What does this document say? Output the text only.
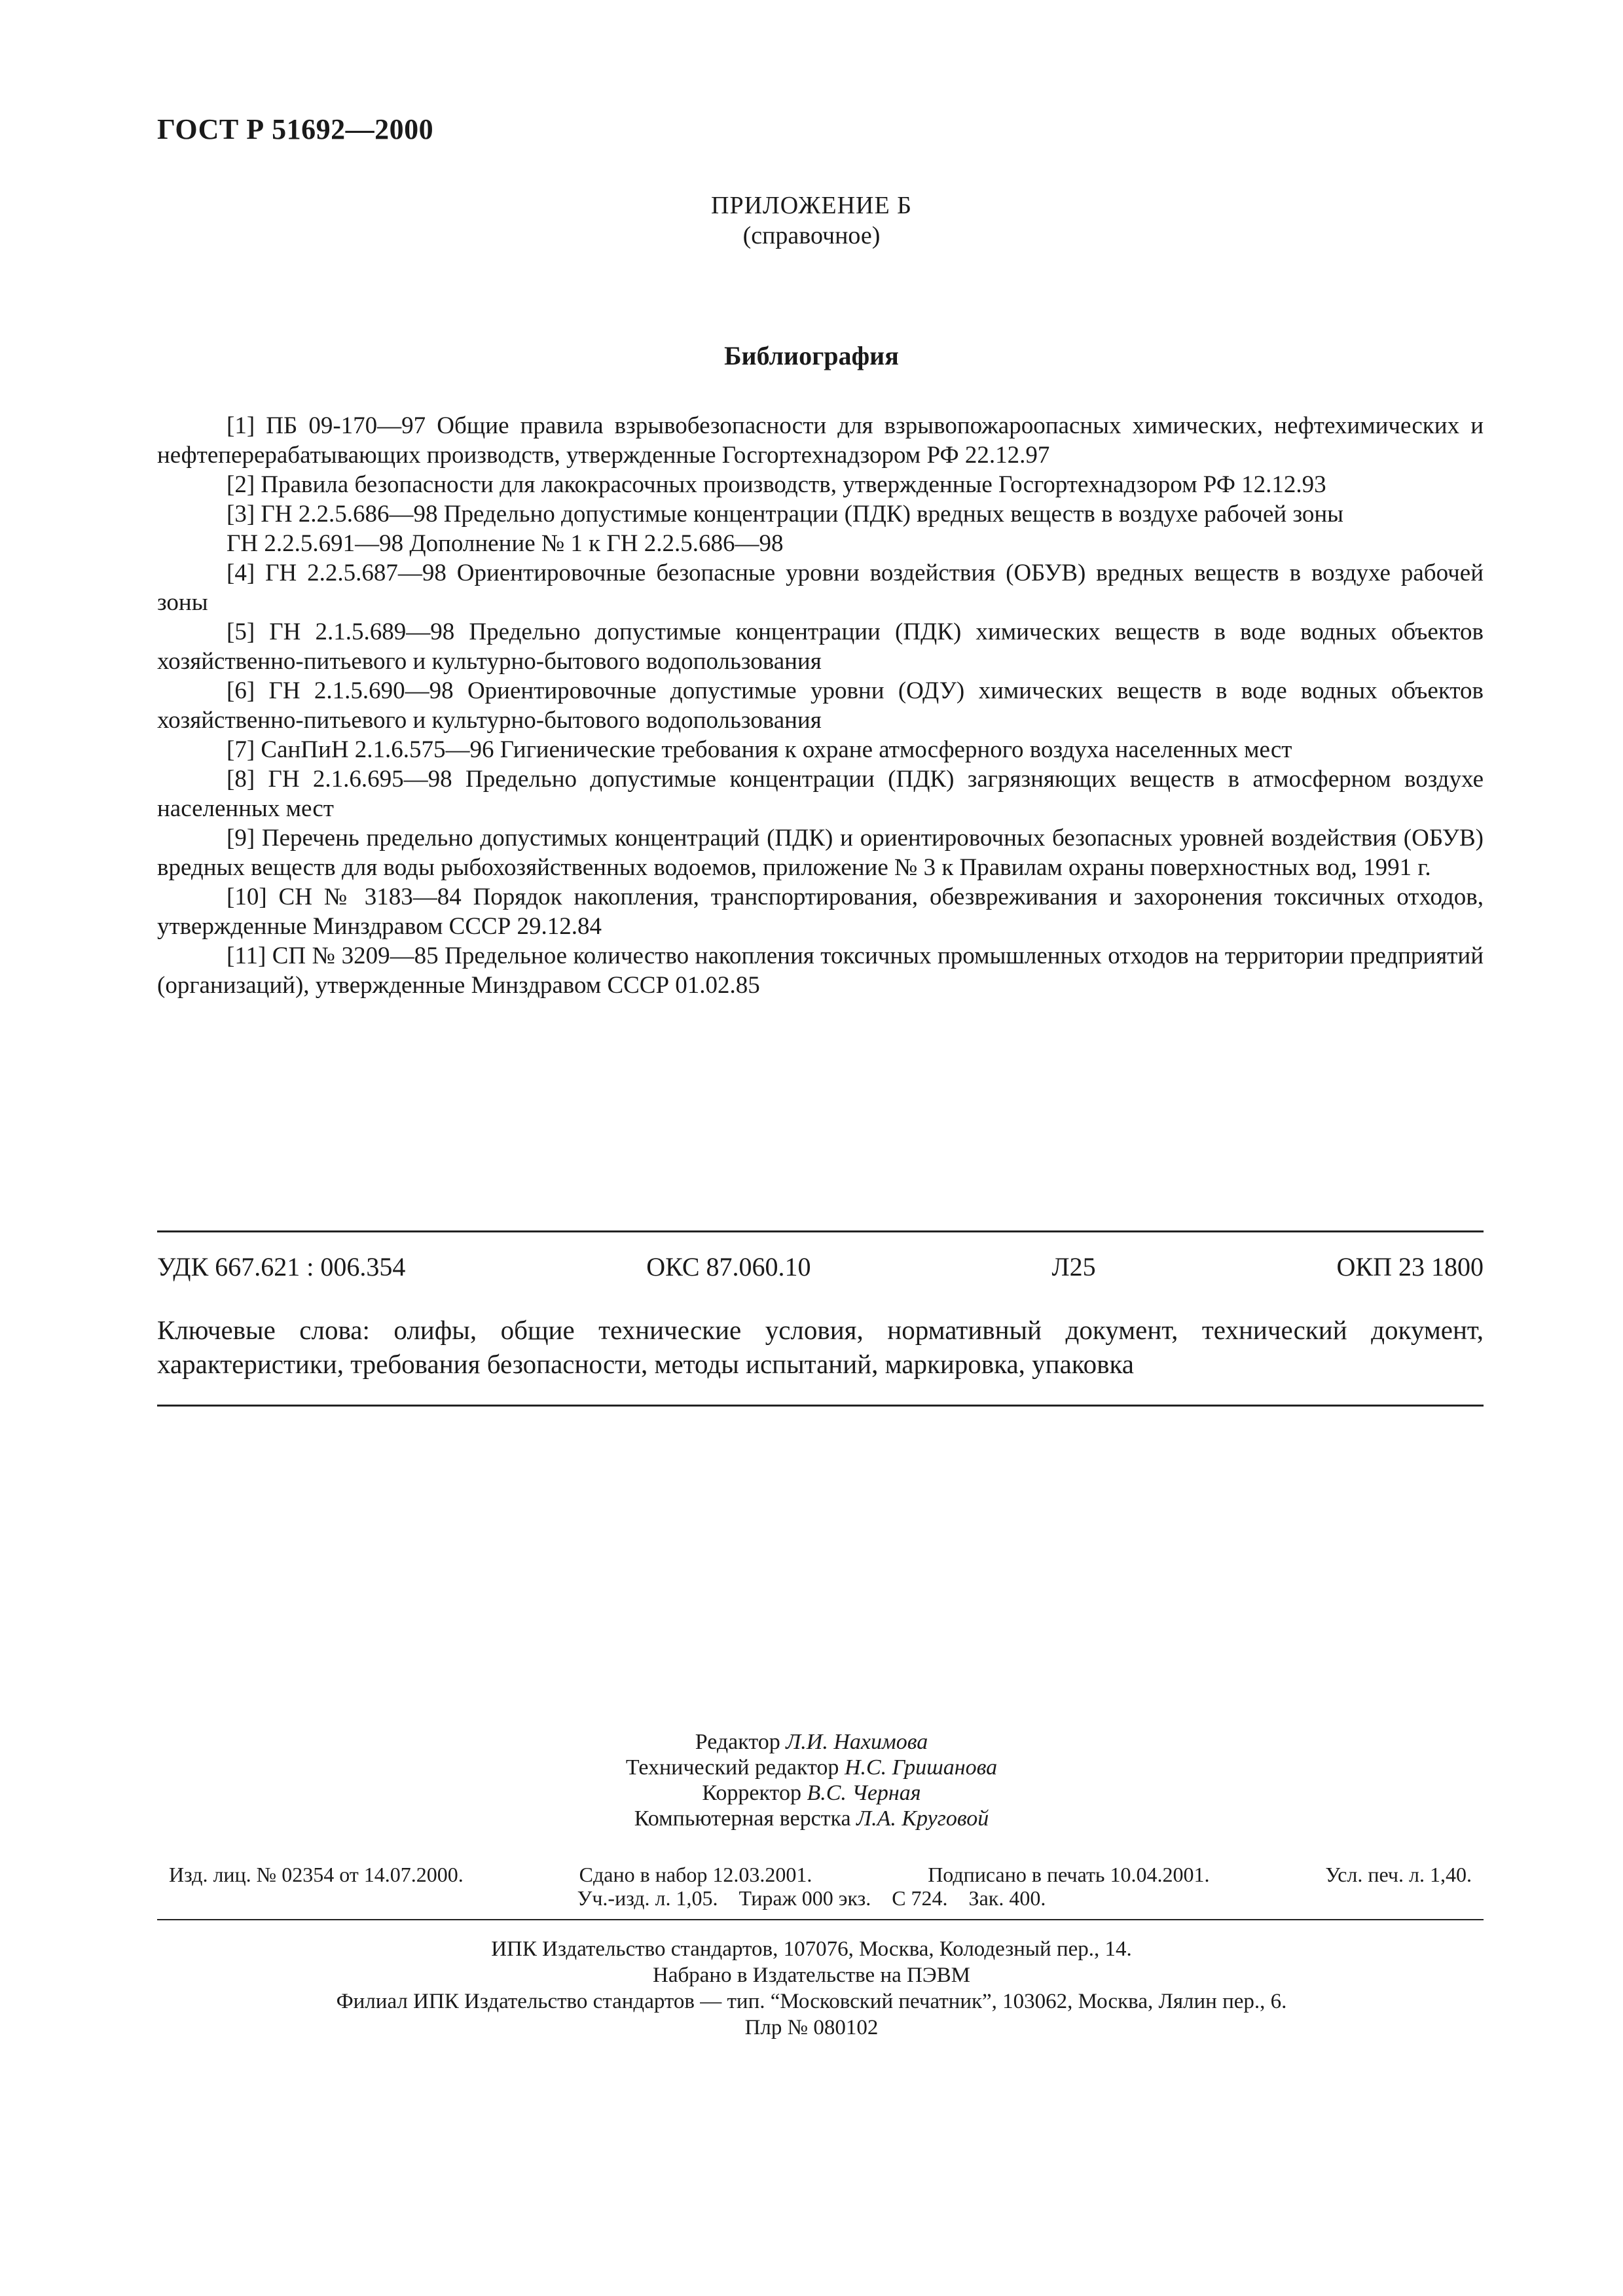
ГОСТ Р 51692—2000
ПРИЛОЖЕНИЕ Б
(справочное)
Библиография

[1] ПБ 09-170—97 Общие правила взрывобезопасности для взрывопожароопасных химических, нефтехимических и нефтеперерабатывающих производств, утвержденные Госгортехнадзором РФ 22.12.97

[2] Правила безопасности для лакокрасочных производств, утвержденные Госгортехнадзором РФ 12.12.93

[3] ГН 2.2.5.686—98 Предельно допустимые концентрации (ПДК) вредных веществ в воздухе рабочей зоны

ГН 2.2.5.691—98 Дополнение № 1 к ГН 2.2.5.686—98

[4] ГН 2.2.5.687—98 Ориентировочные безопасные уровни воздействия (ОБУВ) вредных веществ в воздухе рабочей зоны

[5] ГН 2.1.5.689—98 Предельно допустимые концентрации (ПДК) химических веществ в воде водных объектов хозяйственно-питьевого и культурно-бытового водопользования

[6] ГН 2.1.5.690—98 Ориентировочные допустимые уровни (ОДУ) химических веществ в воде водных объектов хозяйственно-питьевого и культурно-бытового водопользования

[7] СанПиН 2.1.6.575—96 Гигиенические требования к охране атмосферного воздуха населенных мест

[8] ГН 2.1.6.695—98 Предельно допустимые концентрации (ПДК) загрязняющих веществ в атмосферном воздухе населенных мест

[9] Перечень предельно допустимых концентраций (ПДК) и ориентировочных безопасных уровней воздействия (ОБУВ) вредных веществ для воды рыбохозяйственных водоемов, приложение № 3 к Правилам охраны поверхностных вод, 1991 г.

[10] СН № 3183—84 Порядок накопления, транспортирования, обезвреживания и захоронения токсичных отходов, утвержденные Минздравом СССР 29.12.84

[11] СП № 3209—85 Предельное количество накопления токсичных промышленных отходов на территории предприятий (организаций), утвержденные Минздравом СССР 01.02.85

УДК 667.621 : 006.354	ОКС 87.060.10	Л25	ОКП 23 1800
Ключевые слова: олифы, общие технические условия, нормативный документ, технический документ, характеристики, требования безопасности, методы испытаний, маркировка, упаковка
Редактор Л.И. Нахимова
Технический редактор Н.С. Гришанова
Корректор В.С. Черная
Компьютерная верстка Л.А. Круговой
Изд. лиц. № 02354 от 14.07.2000.	Сдано в набор 12.03.2001.	Подписано в печать 10.04.2001.	Усл. печ. л. 1,40.
Уч.-изд. л. 1,05.    Тираж 000 экз.    С 724.    Зак. 400.
ИПК Издательство стандартов, 107076, Москва, Колодезный пер., 14.
Набрано в Издательстве на ПЭВМ
Филиал ИПК Издательство стандартов — тип. “Московский печатник”, 103062, Москва, Лялин пер., 6.
Плр № 080102
